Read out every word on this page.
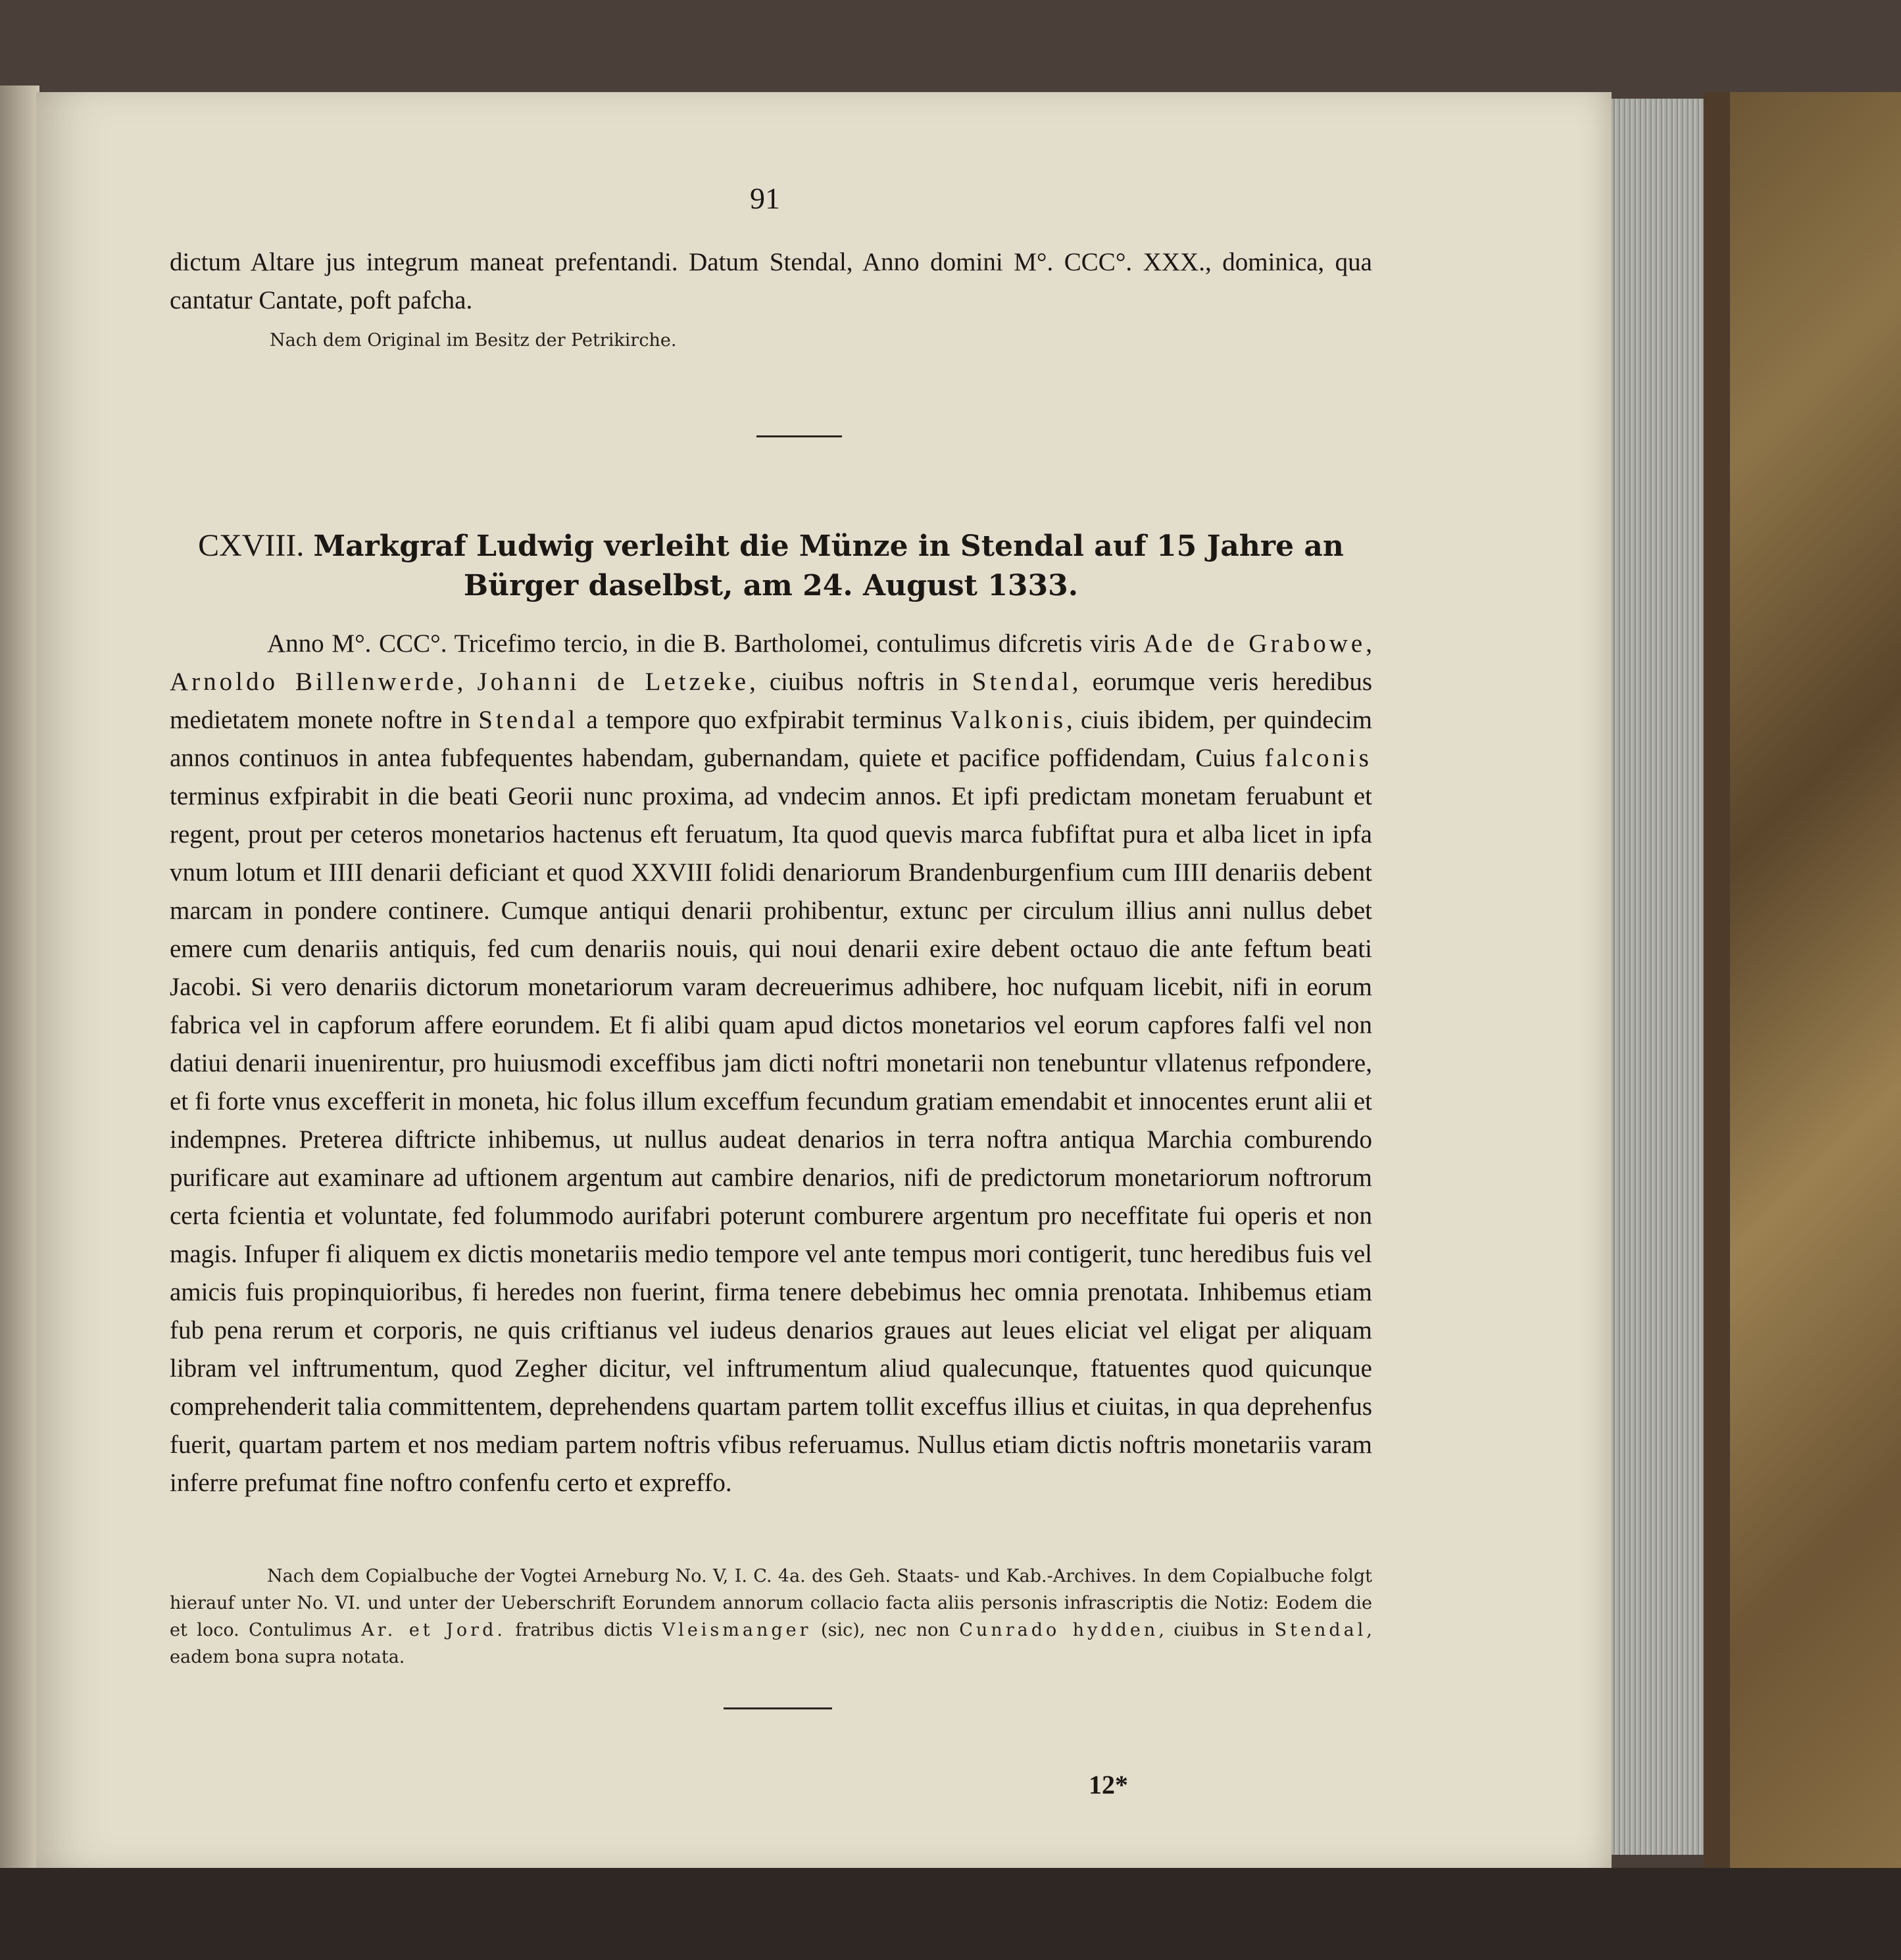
91
dictum Altare jus integrum maneat prefentandi. Datum Stendal, Anno domini M°. CCC°. XXX., dominica, qua cantatur Cantate, poft pafcha.
Nach dem Original im Besitz der Petrikirche.
CXVIII. Markgraf Ludwig verleiht die Münze in Stendal auf 15 Jahre an Bürger daselbst, am 24. August 1333.
Anno M°. CCC°. Tricefimo tercio, in die B. Bartholomei, contulimus difcretis viris Ade de Grabowe, Arnoldo Billenwerde, Johanni de Letzeke, ciuibus noftris in Stendal, eorumque veris heredibus medietatem monete noftre in Stendal a tempore quo exfpirabit terminus Valkonis, ciuis ibidem, per quindecim annos continuos in antea fubfequentes habendam, gubernandam, quiete et pacifice poffidendam, Cuius falconis terminus exfpirabit in die beati Georii nunc proxima, ad vndecim annos. Et ipfi predictam monetam feruabunt et regent, prout per ceteros monetarios hactenus eft feruatum, Ita quod quevis marca fubfiftat pura et alba licet in ipfa vnum lotum et IIII denarii deficiant et quod XXVIII folidi denariorum Brandenburgenfium cum IIII denariis debent marcam in pondere continere. Cumque antiqui denarii prohibentur, extunc per circulum illius anni nullus debet emere cum denariis antiquis, fed cum denariis nouis, qui noui denarii exire debent octauo die ante feftum beati Jacobi. Si vero denariis dictorum monetariorum varam decreuerimus adhibere, hoc nufquam licebit, nifi in eorum fabrica vel in capforum affere eorundem. Et fi alibi quam apud dictos monetarios vel eorum capfores falfi vel non datiui denarii inuenirentur, pro huiusmodi exceffibus jam dicti noftri monetarii non tenebuntur vllatenus refpondere, et fi forte vnus excefferit in moneta, hic folus illum exceffum fecundum gratiam emendabit et innocentes erunt alii et indempnes. Preterea diftricte inhibemus, ut nullus audeat denarios in terra noftra antiqua Marchia comburendo purificare aut examinare ad uftionem argentum aut cambire denarios, nifi de predictorum monetariorum noftrorum certa fcientia et voluntate, fed folummodo aurifabri poterunt comburere argentum pro neceffitate fui operis et non magis. Infuper fi aliquem ex dictis monetariis medio tempore vel ante tempus mori contigerit, tunc heredibus fuis vel amicis fuis propinquioribus, fi heredes non fuerint, firma tenere debebimus hec omnia prenotata. Inhibemus etiam fub pena rerum et corporis, ne quis criftianus vel iudeus denarios graues aut leues eliciat vel eligat per aliquam libram vel inftrumentum, quod Zegher dicitur, vel inftrumentum aliud qualecunque, ftatuentes quod quicunque comprehenderit talia committentem, deprehendens quartam partem tollit exceffus illius et ciuitas, in qua deprehenfus fuerit, quartam partem et nos mediam partem noftris vfibus referuamus. Nullus etiam dictis noftris monetariis varam inferre prefumat fine noftro confenfu certo et expreffo.
Nach dem Copialbuche der Vogtei Arneburg No. V, I. C. 4a. des Geh. Staats- und Kab.-Archives. In dem Copialbuche folgt hierauf unter No. VI. und unter der Ueberschrift Eorundem annorum collacio facta aliis personis infrascriptis die Notiz: Eodem die et loco. Contulimus Ar. et Jord. fratribus dictis Vleismanger (sic), nec non Cunrado hydden, ciuibus in Stendal, eadem bona supra notata.
12*
